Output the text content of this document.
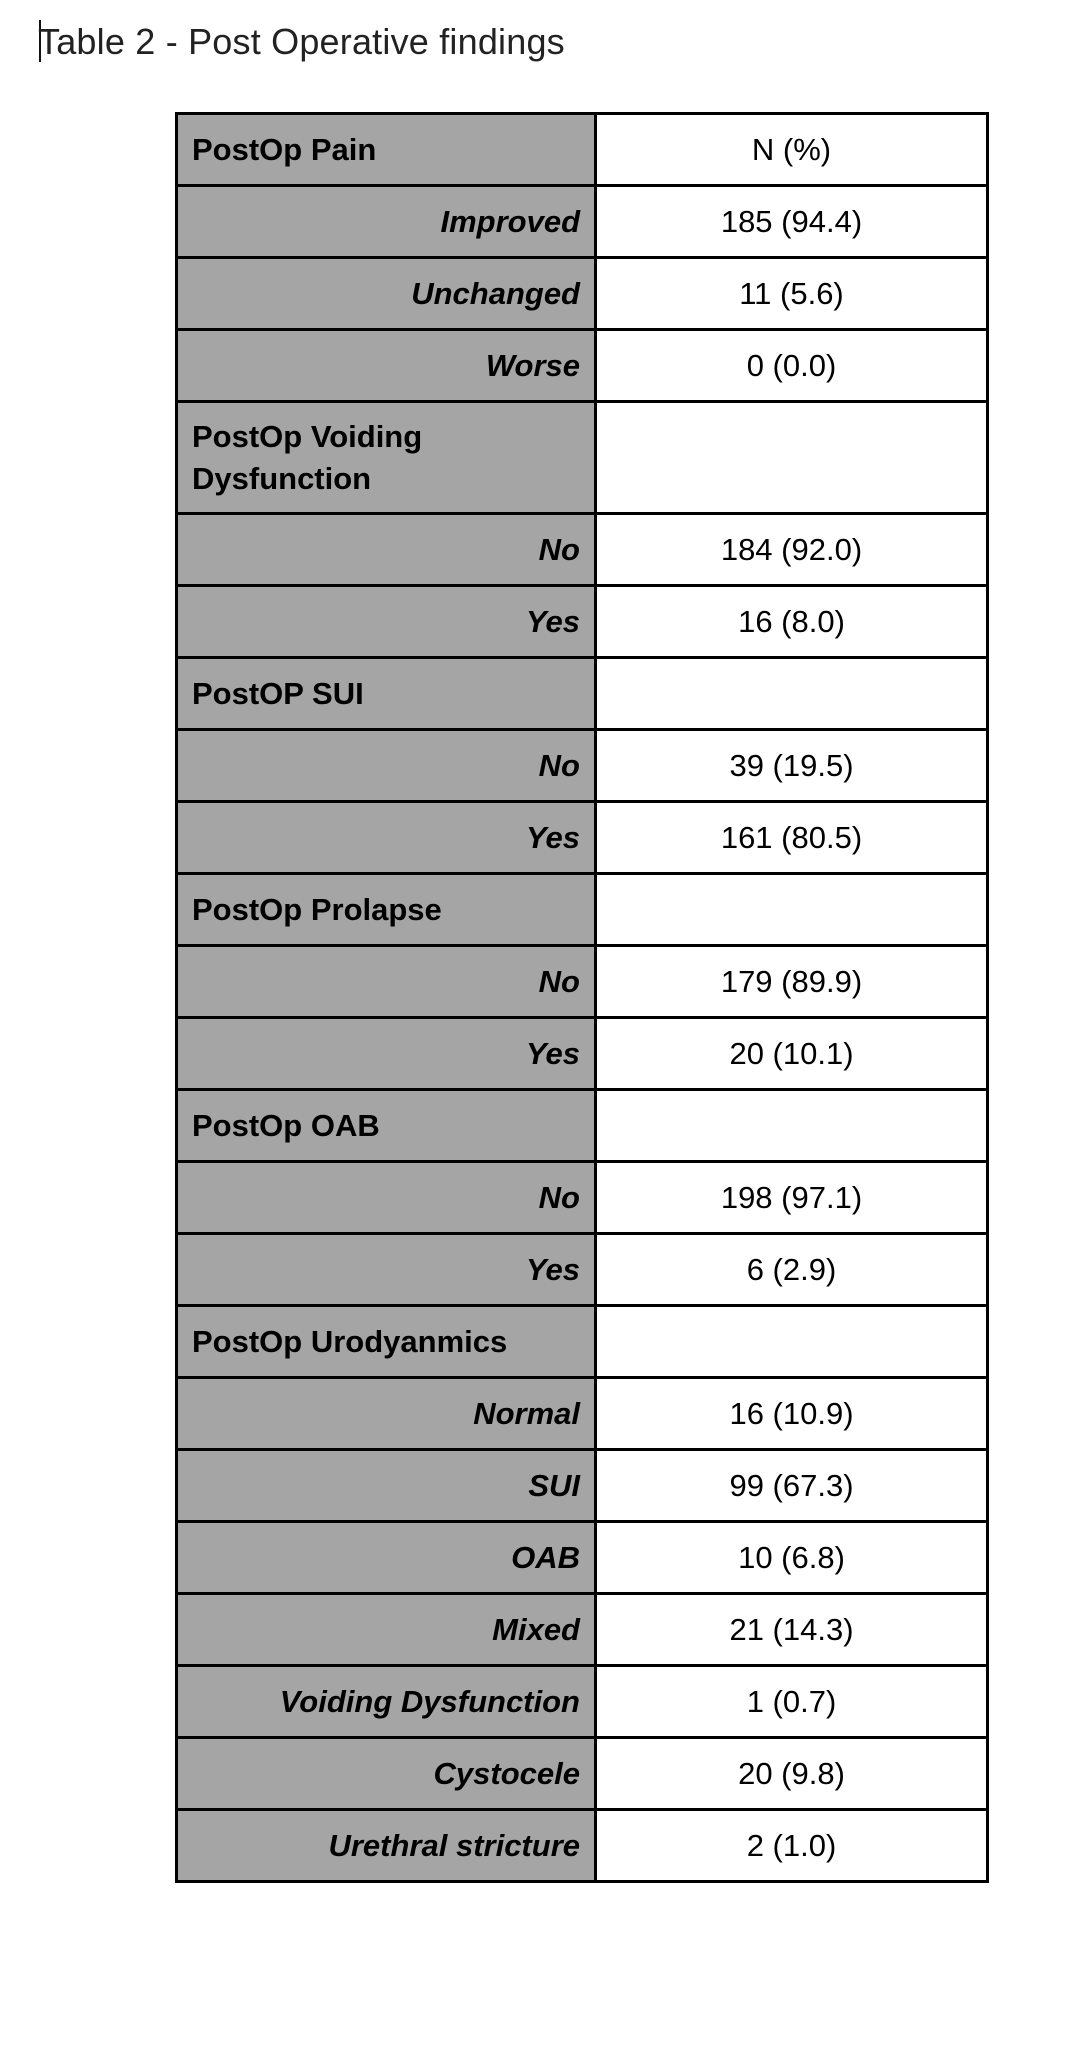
Table 2 - Post Operative findings
PostOp Pain	N (%)
Improved	185 (94.4)
Unchanged	11 (5.6)
Worse	0 (0.0)
PostOp Voiding Dysfunction	
No	184 (92.0)
Yes	16 (8.0)
PostOP SUI	
No	39 (19.5)
Yes	161 (80.5)
PostOp Prolapse	
No	179 (89.9)
Yes	20 (10.1)
PostOp OAB	
No	198 (97.1)
Yes	6 (2.9)
PostOp Urodyanmics	
Normal	16 (10.9)
SUI	99 (67.3)
OAB	10 (6.8)
Mixed	21 (14.3)
Voiding Dysfunction	1 (0.7)
Cystocele	20 (9.8)
Urethral stricture	2 (1.0)
